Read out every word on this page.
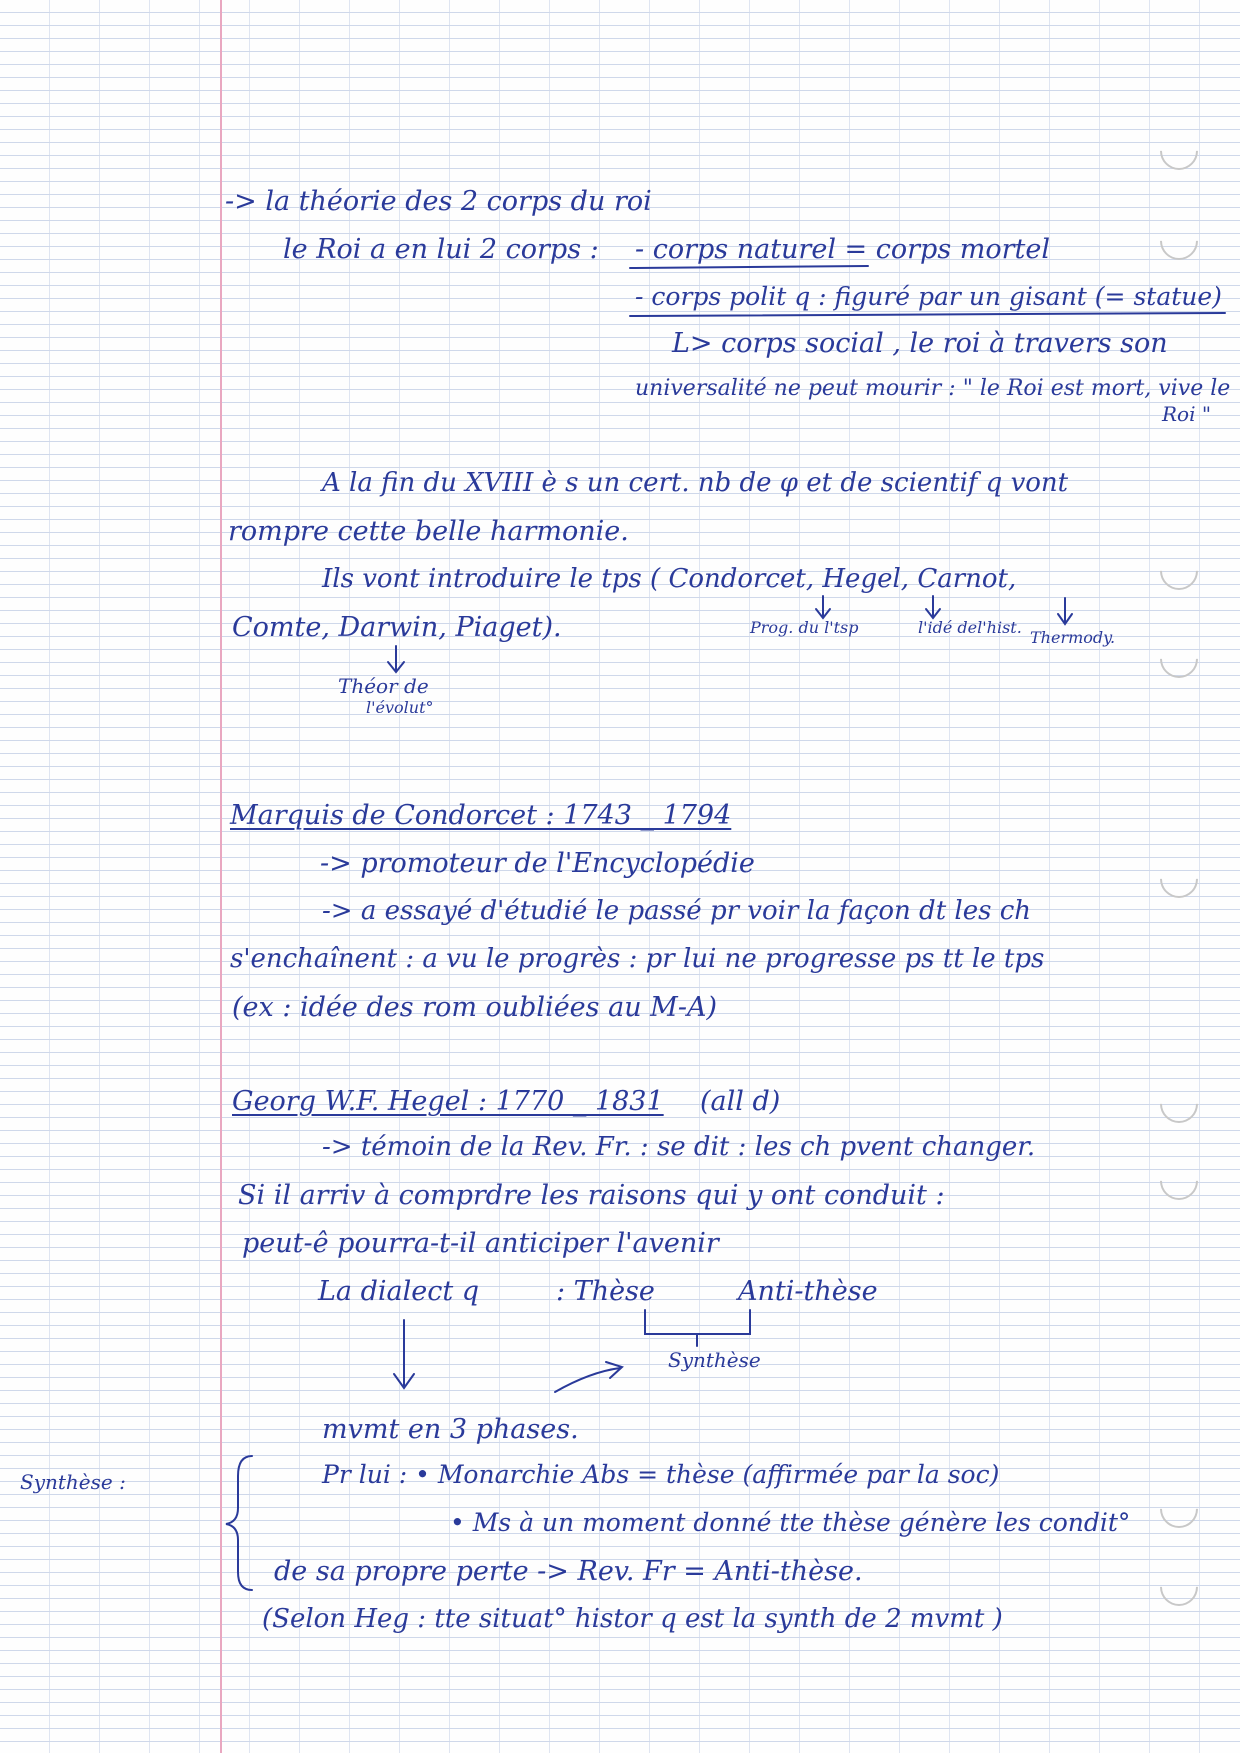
-> la théorie des 2 corps du roi
le Roi a en lui 2 corps : - corps naturel = corps mortel
- corps polit q : figuré par un gisant (= statue)
L> corps social , le roi à travers son
universalité ne peut mourir : " le Roi est mort, vive le
Roi "
A la fin du XVIII è s un cert. nb de φ et de scientif q vont
rompre cette belle harmonie.
Ils vont introduire le tps ( Condorcet, Hegel, Carnot,
Comte, Darwin, Piaget).	Prog. du l'tsp	l'idé del'hist.
Thermody.
Théor de
l'évolut°
Marquis de Condorcet : 1743 _ 1794
-> promoteur de l'Encyclopédie
-> a essayé d'étudié le passé pr voir la façon dt les ch
s'enchaînent : a vu le progrès : pr lui ne progresse ps tt le tps
(ex : idée des rom oubliées au M-A)
Georg W.F. Hegel : 1770 _ 1831 (all d)
-> témoin de la Rev. Fr. : se dit : les ch pvent changer.
Si il arriv à comprdre les raisons qui y ont conduit :
peut-ê pourra-t-il anticiper l'avenir
La dialect q	: Thèse	Anti-thèse
Synthèse
mvmt en 3 phases.
Synthèse :	Pr lui : • Monarchie Abs = thèse (affirmée par la soc)
• Ms à un moment donné tte thèse génère les condit°
de sa propre perte -> Rev. Fr = Anti-thèse.
(Selon Heg : tte situat° histor q est la synth de 2 mvmt )
